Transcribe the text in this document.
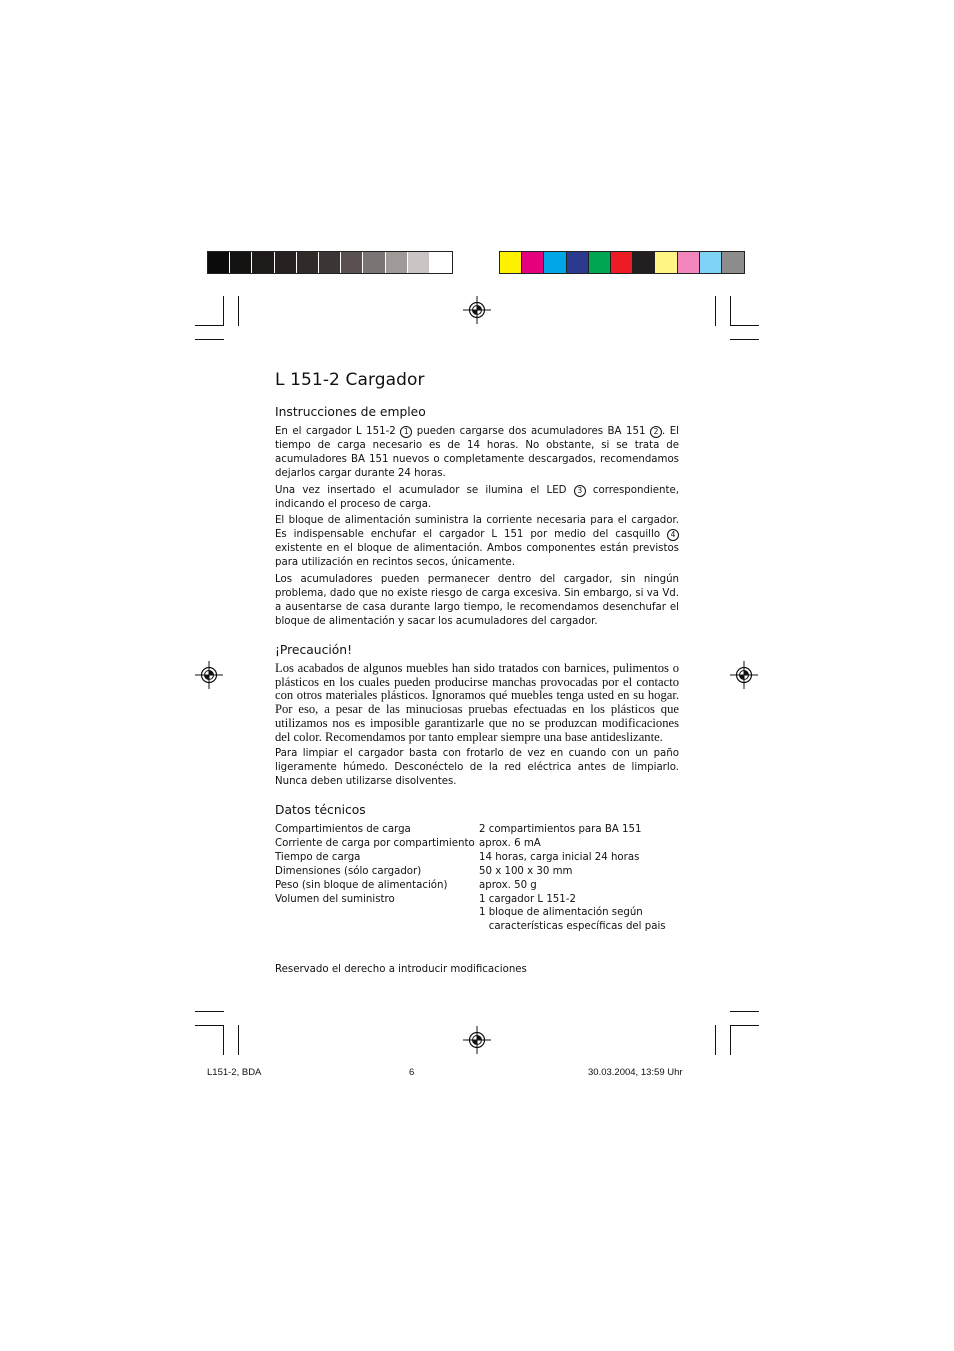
L 151-2 Cargador
Instrucciones de empleo

En el cargador L 151-2 1 pueden cargarse dos acumuladores BA 151 2 . El tiempo de carga necesario es de 14 horas. No obstante, si se trata de acumuladores BA 151 nuevos o completamente descargados, recomendamos dejarlos cargar durante 24 horas.

Una vez insertado el acumulador se ilumina el LED 3 correspondiente, indicando el proceso de carga.

El bloque de alimentación suministra la corriente necesaria para el cargador. Es indispensable enchufar el cargador L 151 por medio del casquillo 4 existente en el bloque de alimentación. Ambos componentes están previstos para utilización en recintos secos, únicamente.

Los acumuladores pueden permanecer dentro del cargador, sin ningún problema, dado que no existe riesgo de carga excesiva. Sin embargo, si va Vd. a ausentarse de casa durante largo tiempo, le recomendamos desenchufar el bloque de alimentación y sacar los acumuladores del cargador.

¡Precaución!

Los acabados de algunos muebles han sido tratados con barnices, pulimentos o plásticos en los cuales pueden producirse manchas provocadas por el contacto con otros materiales plásticos. Ignoramos qué muebles tenga usted en su hogar. Por eso, a pesar de las minuciosas pruebas efectuadas en los plásticos que utilizamos nos es imposible garantizarle que no se produzcan modificaciones del color. Recomendamos por tanto emplear siempre una base antideslizante.

Para limpiar el cargador basta con frotarlo de vez en cuando con un paño ligeramente húmedo. Desconéctelo de la red eléctrica antes de limpiarlo. Nunca deben utilizarse disolventes.

Datos técnicos
Compartimientos de carga	2 compartimientos para BA 151
Corriente de carga por compartimiento	aprox. 6 mA
Tiempo de carga	14 horas, carga inicial 24 horas
Dimensiones (sólo cargador)	50 x 100 x 30 mm
Peso (sin bloque de alimentación)	aprox. 50 g
Volumen del suministro	1 cargador L 151-2
	1 bloque de alimentación según
	características específicas del pais

Reservado el derecho a introducir modificaciones

L151-2, BDA	6	30.03.2004, 13:59 Uhr
